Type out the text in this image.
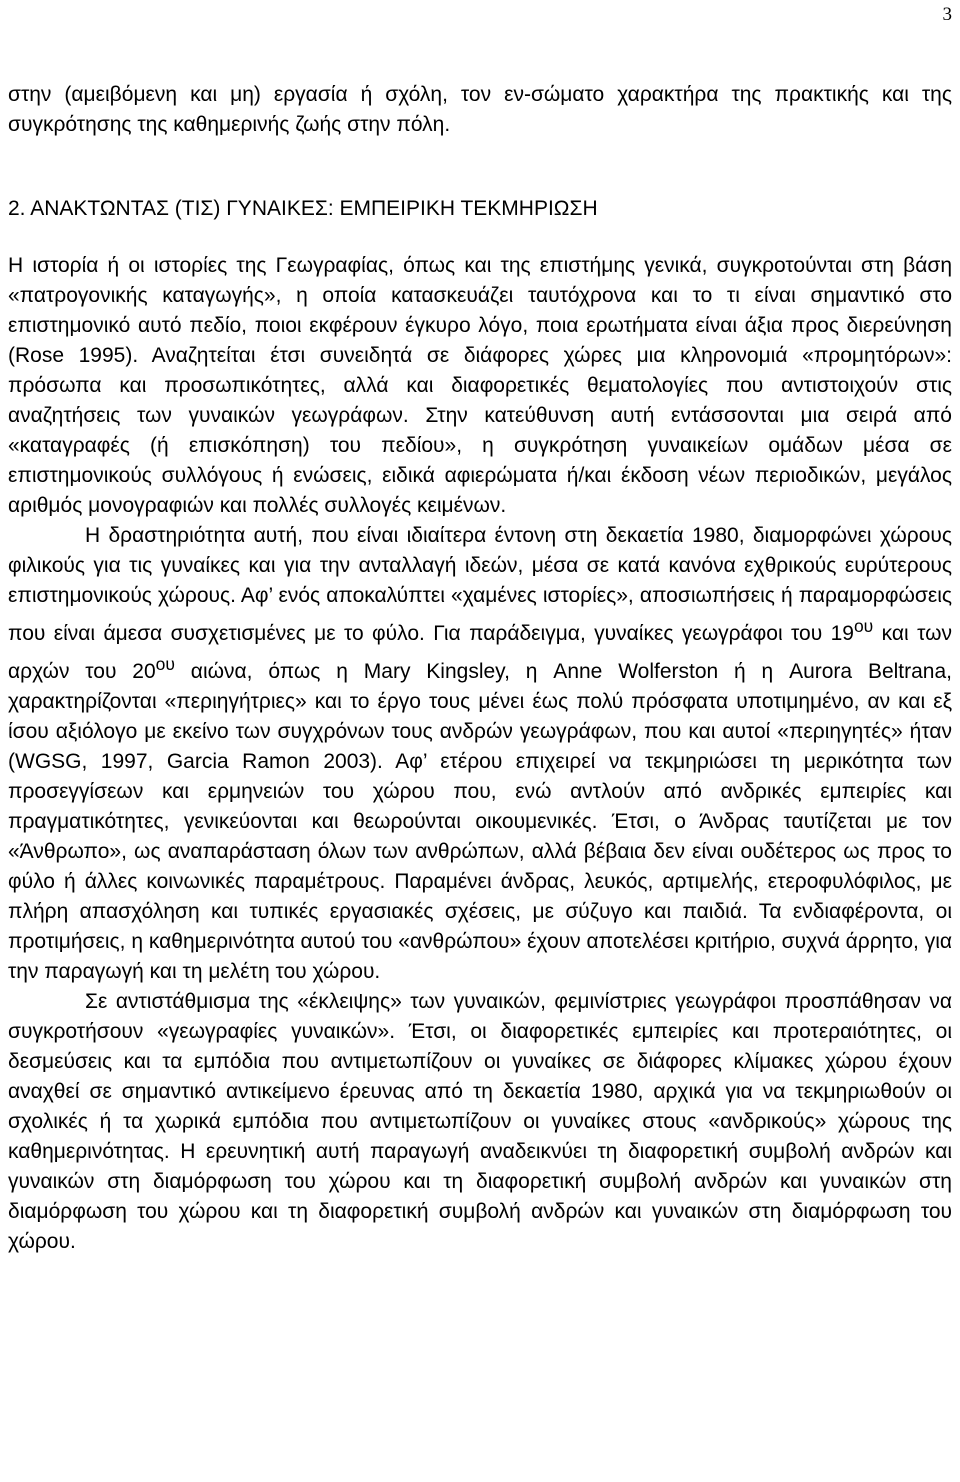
3

στην (αμειβόμενη και μη) εργασία ή σχόλη, τον εν-σώματο χαρακτήρα της πρακτικής και της συγκρότησης της καθημερινής ζωής στην πόλη.

2. ΑΝΑΚΤΩΝΤΑΣ (ΤΙΣ) ΓΥΝΑΙΚΕΣ: ΕΜΠΕΙΡΙΚΗ ΤΕΚΜΗΡΙΩΣΗ

Η ιστορία ή οι ιστορίες της Γεωγραφίας, όπως και της επιστήμης γενικά, συγκροτούνται στη βάση «πατρογονικής καταγωγής», η οποία κατασκευάζει ταυτόχρονα και το τι είναι σημαντικό στο επιστημονικό αυτό πεδίο, ποιοι εκφέρουν έγκυρο λόγο, ποια ερωτήματα είναι άξια προς διερεύνηση (Rose 1995). Αναζητείται έτσι συνειδητά σε διάφορες χώρες μια κληρονομιά «προμητόρων»: πρόσωπα και προσωπικότητες, αλλά και διαφορετικές θεματολογίες που αντιστοιχούν στις αναζητήσεις των γυναικών γεωγράφων. Στην κατεύθυνση αυτή εντάσσονται μια σειρά από «καταγραφές (ή επισκόπηση) του πεδίου», η συγκρότηση γυναικείων ομάδων μέσα σε επιστημονικούς συλλόγους ή ενώσεις, ειδικά αφιερώματα ή/και έκδοση νέων περιοδικών, μεγάλος αριθμός μονογραφιών και πολλές συλλογές κειμένων.

Η δραστηριότητα αυτή, που είναι ιδιαίτερα έντονη στη δεκαετία 1980, διαμορφώνει χώρους φιλικούς για τις γυναίκες και για την ανταλλαγή ιδεών, μέσα σε κατά κανόνα εχθρικούς ευρύτερους επιστημονικούς χώρους. Αφ’ ενός αποκαλύπτει «χαμένες ιστορίες», αποσιωπήσεις ή παραμορφώσεις που είναι άμεσα συσχετισμένες με το φύλο. Για παράδειγμα, γυναίκες γεωγράφοι του $19^{o\upsilon}$ και των αρχών του $20^{o\upsilon}$ αιώνα, όπως η Mary Kingsley, η Anne Wolferston ή η Aurora Beltrana, χαρακτηρίζονται «περιηγήτριες» και το έργο τους μένει έως πολύ πρόσφατα υποτιμημένο, αν και εξ ίσου αξιόλογο με εκείνο των συγχρόνων τους ανδρών γεωγράφων, που και αυτοί «περιηγητές» ήταν (WGSG, 1997, Garcia Ramon 2003). Αφ’ ετέρου επιχειρεί να τεκμηριώσει τη μερικότητα των προσεγγίσεων και ερμηνειών του χώρου που, ενώ αντλούν από ανδρικές εμπειρίες και πραγματικότητες, γενικεύονται και θεωρούνται οικουμενικές. Έτσι, ο Άνδρας ταυτίζεται με τον «Άνθρωπο», ως αναπαράσταση όλων των ανθρώπων, αλλά βέβαια δεν είναι ουδέτερος ως προς το φύλο ή άλλες κοινωνικές παραμέτρους. Παραμένει άνδρας, λευκός, αρτιμελής, ετεροφυλόφιλος, με πλήρη απασχόληση και τυπικές εργασιακές σχέσεις, με σύζυγο και παιδιά. Τα ενδιαφέροντα, οι προτιμήσεις, η καθημερινότητα αυτού του «ανθρώπου» έχουν αποτελέσει κριτήριο, συχνά άρρητο, για την παραγωγή και τη μελέτη του χώρου.

Σε αντιστάθμισμα της «έκλειψης» των γυναικών, φεμινίστριες γεωγράφοι προσπάθησαν να συγκροτήσουν «γεωγραφίες γυναικών». Έτσι, οι διαφορετικές εμπειρίες και προτεραιότητες, οι δεσμεύσεις και τα εμπόδια που αντιμετωπίζουν οι γυναίκες σε διάφορες κλίμακες χώρου έχουν αναχθεί σε σημαντικό αντικείμενο έρευνας από τη δεκαετία 1980, αρχικά για να τεκμηριωθούν οι σχολικές ή τα χωρικά εμπόδια που αντιμετωπίζουν οι γυναίκες στους «ανδρικούς» χώρους της καθημερινότητας. Η ερευνητική αυτή παραγωγή αναδεικνύει τη διαφορετική συμβολή ανδρών και γυναικών στη διαμόρφωση του χώρου και τη διαφορετική συμβολή ανδρών και γυναικών στη διαμόρφωση του χώρου και τη διαφορετική συμβολή ανδρών και γυναικών στη διαμόρφωση του χώρου.
